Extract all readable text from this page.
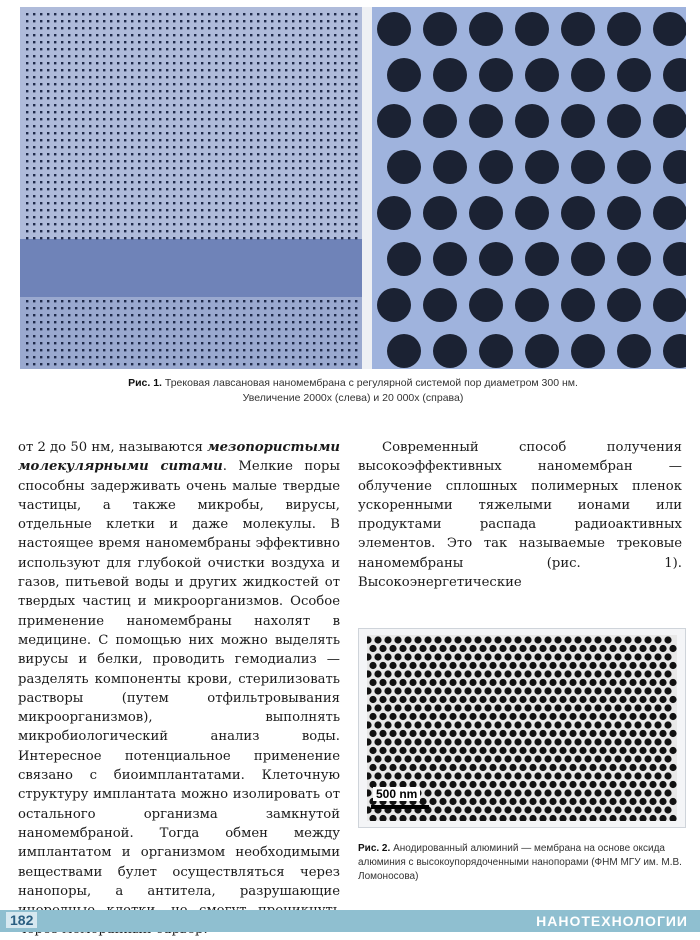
Рис. 1. Трековая лавсановая наномембрана с регулярной системой пор диаметром 300 нм.
Увеличение 2000х (слева) и 20 000х (справа)

от 2 до 50 нм, называются мезопористыми молекулярными ситами. Мелкие поры способны задерживать очень малые твердые частицы, а также микробы, вирусы, отдельные клетки и даже молекулы. В настоящее время наномембраны эффективно используют для глубокой очистки воздуха и газов, питьевой воды и других жидкостей от твердых частиц и микроорганизмов. Особое применение наномембраны нахолят в медицине. С помощью них можно выделять вирусы и белки, проводить гемодиализ — разделять компоненты крови, стерилизовать растворы (путем отфильтровывания микроорганизмов), выполнять микробиологический анализ воды. Интересное потенциальное применение связано с биоимплантатами. Клеточную структуру имплантата можно изолировать от остального организма замкнутой наномембраной. Тогда обмен между имплантатом и организмом необходимыми веществами булет осуществляться через нанопоры, а антитела, разрушающие

Современный способ получения высокоэффективных наномембран — облучение сплошных полимерных пленок ускоренными тяжелыми ионами или продуктами распада радиоактивных элементов. Это так называемые трековые наномембраны (рис. 1). Высокоэнергетические

500 nm
Рис. 2. Анодированный алюминий — мембрана на основе оксида алюминия с высокоупорядоченными нанопорами (ФНМ МГУ им. М.В. Ломоносова)
182	НАНОТЕХНОЛОГИИ
